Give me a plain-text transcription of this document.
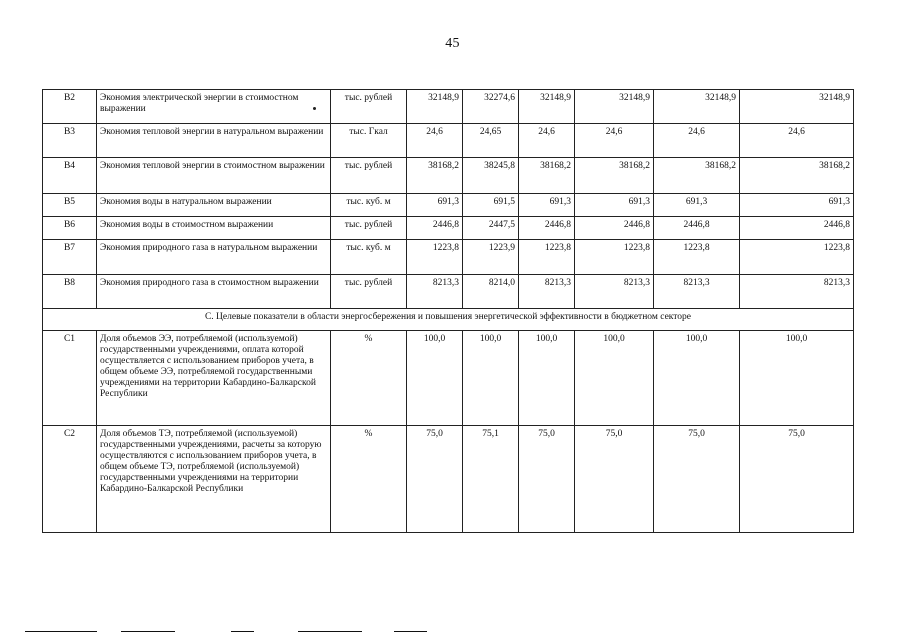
45
В2	Экономия электрической энергии в стоимостном выражении	тыс. рублей	32148,9	32274,6	32148,9	32148,9	32148,9	32148,9
В3	Экономия тепловой энергии в натуральном выражении	тыс. Гкал	24,6	24,65	24,6	24,6	24,6	24,6
В4	Экономия тепловой энергии в стоимостном выражении	тыс. рублей	38168,2	38245,8	38168,2	38168,2	38168,2	38168,2
В5	Экономия воды в натуральном выражении	тыс. куб. м	691,3	691,5	691,3	691,3	691,3	691,3
В6	Экономия воды в стоимостном выражении	тыс. рублей	2446,8	2447,5	2446,8	2446,8	2446,8	2446,8
В7	Экономия природного газа в натуральном выражении	тыс. куб. м	1223,8	1223,9	1223,8	1223,8	1223,8	1223,8
В8	Экономия природного газа в стоимостном выражении	тыс. рублей	8213,3	8214,0	8213,3	8213,3	8213,3	8213,3
С. Целевые показатели в области энергосбережения и повышения энергетической эффективности в бюджетном секторе								
С1	Доля объемов ЭЭ, потребляемой (используемой) государственными учреждениями, оплата которой осуществляется с использованием приборов учета, в общем объеме ЭЭ, потребляемой государственными учреждениями на территории Кабардино-Балкарской Республики	%	100,0	100,0	100,0	100,0	100,0	100,0
С2	Доля объемов ТЭ, потребляемой (используемой) государственными учреждениями, расчеты за которую осуществляются с использованием приборов учета, в общем объеме ТЭ, потребляемой (используемой) государственными учреждениями на территории Кабардино-Балкарской Республики	%	75,0	75,1	75,0	75,0	75,0	75,0
